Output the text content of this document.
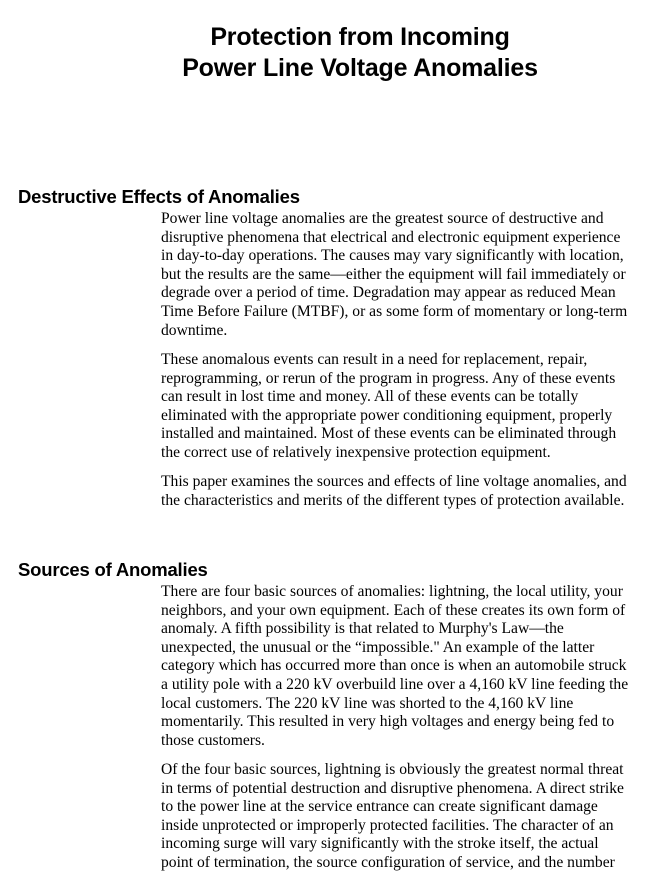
Protection from Incoming
Power Line Voltage Anomalies
Destructive Effects of Anomalies
Power line voltage anomalies are the greatest source of destructive and
disruptive phenomena that electrical and electronic equipment experience
in day-to-day operations. The causes may vary significantly with location,
but the results are the same—either the equipment will fail immediately or
degrade over a period of time. Degradation may appear as reduced Mean
Time Before Failure (MTBF), or as some form of momentary or long-term
downtime.
These anomalous events can result in a need for replacement, repair,
reprogramming, or rerun of the program in progress. Any of these events
can result in lost time and money. All of these events can be totally
eliminated with the appropriate power conditioning equipment, properly
installed and maintained. Most of these events can be eliminated through
the correct use of relatively inexpensive protection equipment.
This paper examines the sources and effects of line voltage anomalies, and
the characteristics and merits of the different types of protection available.
Sources of Anomalies
There are four basic sources of anomalies: lightning, the local utility, your
neighbors, and your own equipment. Each of these creates its own form of
anomaly. A fifth possibility is that related to Murphy's Law—the
unexpected, the unusual or the “impossible." An example of the latter
category which has occurred more than once is when an automobile struck
a utility pole with a 220 kV overbuild line over a 4,160 kV line feeding the
local customers. The 220 kV line was shorted to the 4,160 kV line
momentarily. This resulted in very high voltages and energy being fed to
those customers.
Of the four basic sources, lightning is obviously the greatest normal threat
in terms of potential destruction and disruptive phenomena. A direct strike
to the power line at the service entrance can create significant damage
inside unprotected or improperly protected facilities. The character of an
incoming surge will vary significantly with the stroke itself, the actual
point of termination, the source configuration of service, and the number
